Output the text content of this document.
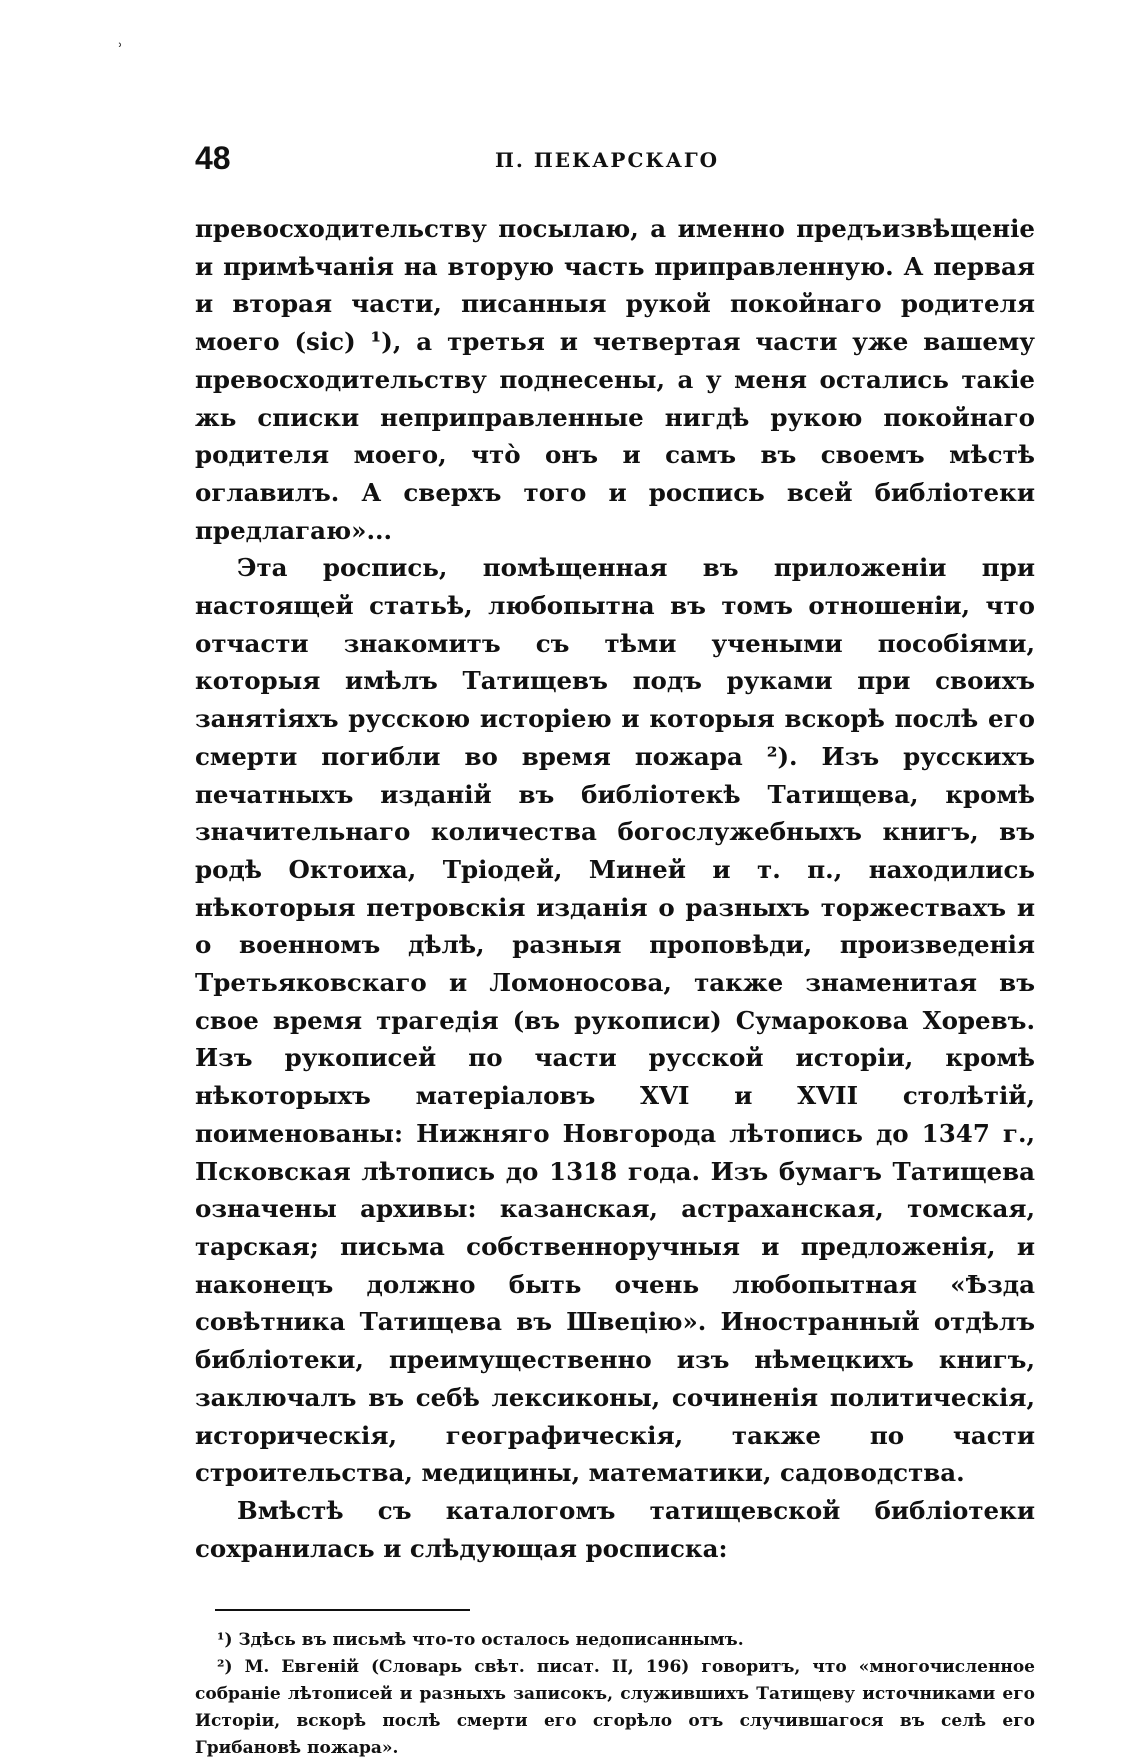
ʾ
48	П. ПЕКАРСКАГО

превосходительству посылаю, а именно предъизвѣщеніе и примѣчанія на вторую часть приправленную. А первая и вторая части, писанныя рукой покойнаго родителя моего (sic) ¹), а третья и четвертая части уже вашему превосходительству поднесены, а у меня остались такіе жь списки неприправленные нигдѣ рукою покойнаго родителя моего, чтò онъ и самъ въ своемъ мѣстѣ оглавилъ. А сверхъ того и роспись всей библіотеки предлагаю»...

Эта роспись, помѣщенная въ приложеніи при настоящей статьѣ, любопытна въ томъ отношеніи, что отчасти знакомитъ съ тѣми учеными пособіями, которыя имѣлъ Татищевъ подъ руками при своихъ занятіяхъ русскою исторіею и которыя вскорѣ послѣ его смерти погибли во время пожара ²). Изъ русскихъ печатныхъ изданій въ библіотекѣ Татищева, кромѣ значительнаго количества богослужебныхъ книгъ, въ родѣ Октоиха, Тріодей, Миней и т. п., находились нѣкоторыя петровскія изданія о разныхъ торжествахъ и о военномъ дѣлѣ, разныя проповѣди, произведенія Третьяковскаго и Ломоносова, также знаменитая въ свое время трагедія (въ рукописи) Сумарокова Хоревъ. Изъ рукописей по части русской исторіи, кромѣ нѣкоторыхъ матеріаловъ XVI и XVII столѣтій, поименованы: Нижняго Новгорода лѣтопись до 1347 г., Псковская лѣтопись до 1318 года. Изъ бумагъ Татищева означены архивы: казанская, астраханская, томская, тарская; письма собственноручныя и предложенія, и наконецъ должно быть очень любопытная «Ѣзда совѣтника Татищева въ Швецію». Иностранный отдѣлъ библіотеки, преимущественно изъ нѣмецкихъ книгъ, заключалъ въ себѣ лексиконы, сочиненія политическія, историческія, географическія, также по части строительства, медицины, математики, садоводства.

Вмѣстѣ съ каталогомъ татищевской библіотеки сохранилась и слѣдующая росписка:

¹) Здѣсь въ письмѣ что-то осталось недописаннымъ.

²) М. Евгеній (Словарь свѣт. писат. II, 196) говоритъ, что «многочисленное собраніе лѣтописей и разныхъ записокъ, служившихъ Татищеву источниками его Исторіи, вскорѣ послѣ смерти его сгорѣло отъ случившагося въ селѣ его Грибановѣ пожара».
